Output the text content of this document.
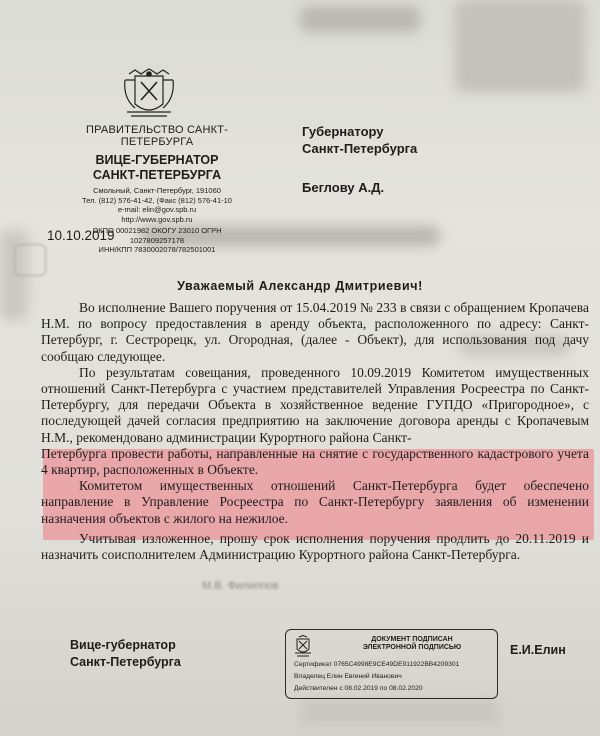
М.В. Филиппов
ПРАВИТЕЛЬСТВО САНКТ-ПЕТЕРБУРГА
ВИЦЕ-ГУБЕРНАТОР
САНКТ-ПЕТЕРБУРГА
Смольный, Санкт-Петербург, 191060
Тел. (812) 576-41-42, (Факс (812) 576-41-10
e-mail: elin@gov.spb.ru
http://www.gov.spb.ru
ОКПО 00021982 ОКОГУ 23010 ОГРН 1027809257178
ИНН/КПП 7830002078/782501001
10.10.2019
Губернатору
Санкт-Петербурга
Беглову А.Д.
Уважаемый Александр Дмитриевич!

Во исполнение Вашего поручения от 15.04.2019 № 233 в связи с обращением Кропачева Н.М. по вопросу предоставления в аренду объекта, расположенного по адресу: Санкт-Петербург, г. Сестрорецк, ул. Огородная, (далее - Объект), для использования под дачу сообщаю следующее.

По результатам совещания, проведенного 10.09.2019 Комитетом имущественных отношений Санкт-Петербурга с участием представителей Управления Росреестра по Санкт-Петербургу, для передачи Объекта в хозяйственное ведение ГУПДО «Пригородное», с последующей дачей согласия предприятию на заключение договора аренды с Кропачевым Н.М., рекомендовано администрации Курортного района Санкт-

Петербурга провести работы, направленные на снятие с государственного кадастрового учета 4 квартир, расположенных в Объекте.

Комитетом имущественных отношений Санкт-Петербурга будет обеспечено направление в Управление Росреестра по Санкт-Петербургу заявления об изменении назначения объектов с жилого на нежилое.

Учитывая изложенное, прошу срок исполнения поручения продлить до 20.11.2019 и назначить соисполнителем Администрацию Курортного района Санкт-Петербурга.

Вице-губернатор
Санкт-Петербурга
Е.И.Елин
ДОКУМЕНТ ПОДПИСАН
ЭЛЕКТРОННОЙ ПОДПИСЬЮ
Сертификат 0765C4998E9CE49DE911922BB4209301
Владелец Елин Евгений Иванович
Действителен с 08.02.2019 по 08.02.2020
